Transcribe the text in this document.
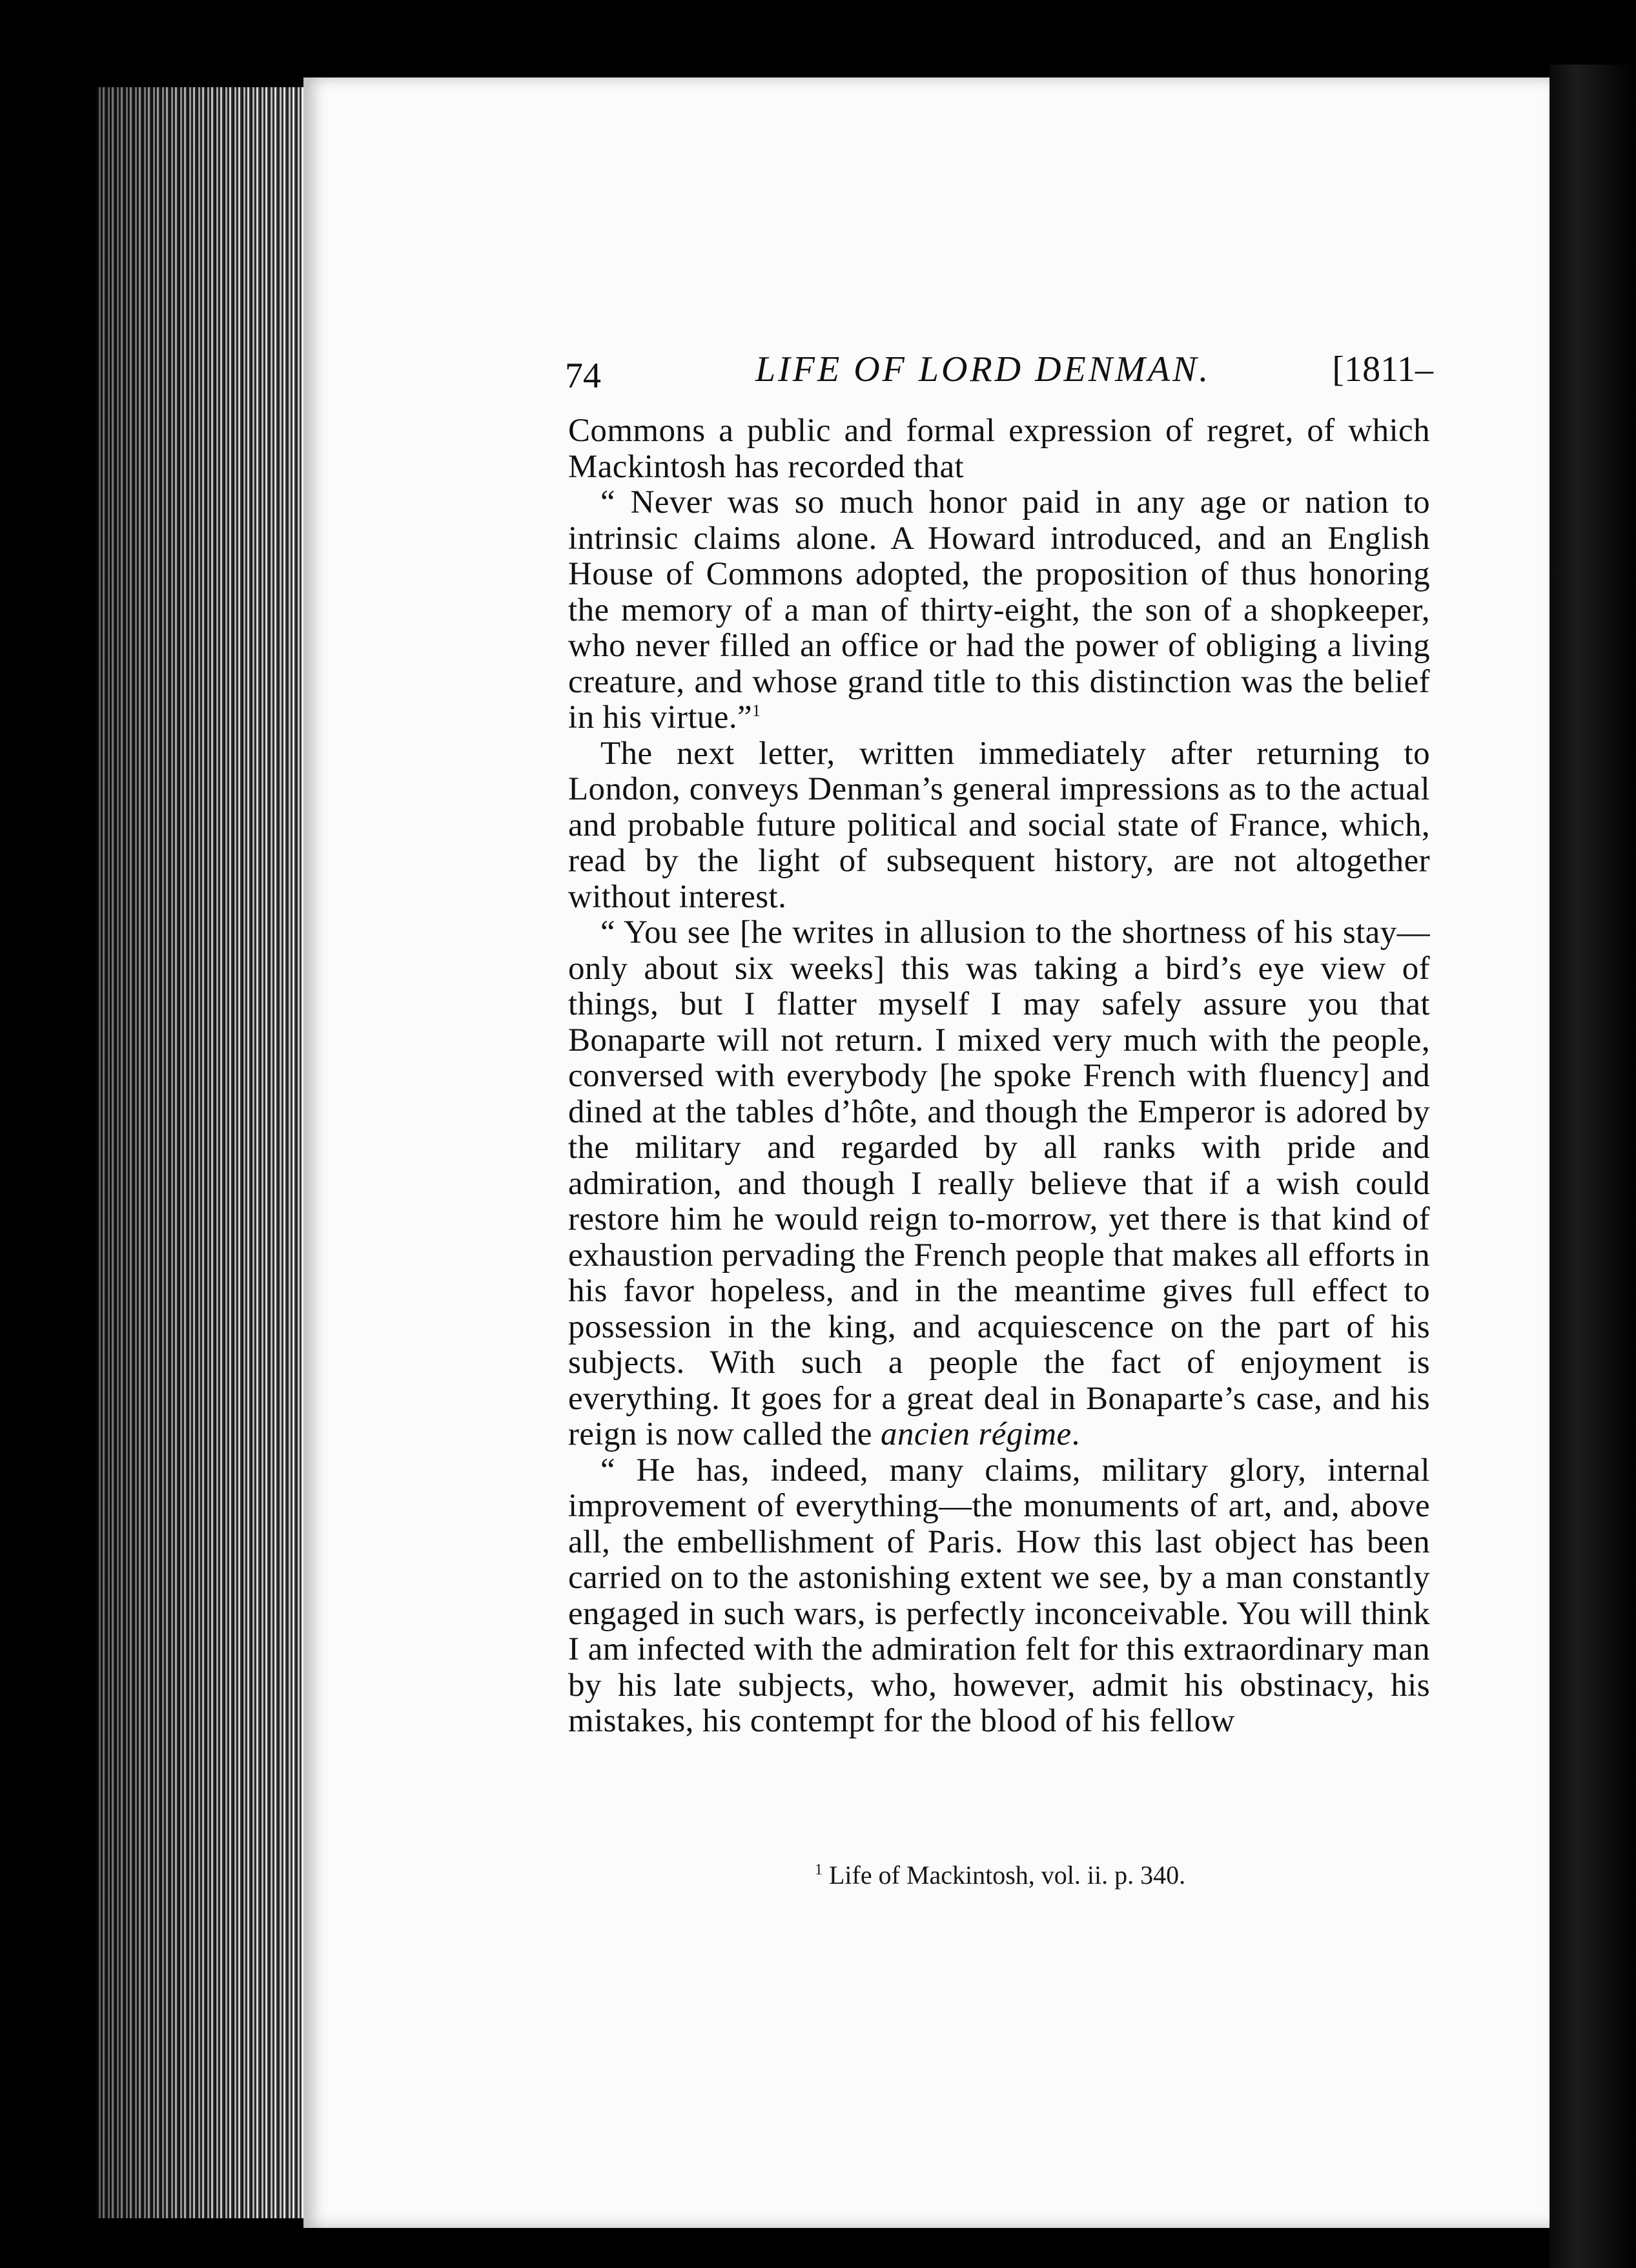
74	LIFE OF LORD DENMAN.	[1811–

Commons a public and formal expression of regret, of which Mackintosh has recorded that

“ Never was so much honor paid in any age or nation to intrinsic claims alone. A Howard introduced, and an English House of Commons adopted, the proposition of thus honoring the memory of a man of thirty-eight, the son of a shopkeeper, who never filled an office or had the power of obliging a living creature, and whose grand title to this distinction was the belief in his virtue.”$^1$

The next letter, written immediately after returning to London, conveys Denman’s general impressions as to the actual and probable future political and social state of France, which, read by the light of subsequent history, are not altogether without interest.

“ You see [he writes in allusion to the shortness of his stay—only about six weeks] this was taking a bird’s eye view of things, but I flatter myself I may safely assure you that Bonaparte will not return. I mixed very much with the people, conversed with everybody [he spoke French with fluency] and dined at the tables d’hôte, and though the Emperor is adored by the military and regarded by all ranks with pride and admiration, and though I really believe that if a wish could restore him he would reign to-morrow, yet there is that kind of exhaustion pervading the French people that makes all efforts in his favor hopeless, and in the meantime gives full effect to possession in the king, and acquiescence on the part of his subjects. With such a people the fact of enjoyment is everything. It goes for a great deal in Bonaparte’s case, and his reign is now called the ancien régime.

“ He has, indeed, many claims, military glory, internal improvement of everything—the monuments of art, and, above all, the embellishment of Paris. How this last object has been carried on to the astonishing extent we see, by a man constantly engaged in such wars, is perfectly inconceivable. You will think I am infected with the admiration felt for this extraordinary man by his late subjects, who, however, admit his obstinacy, his mistakes, his contempt for the blood of his fellow

$^1$ Life of Mackintosh, vol. ii. p. 340.
